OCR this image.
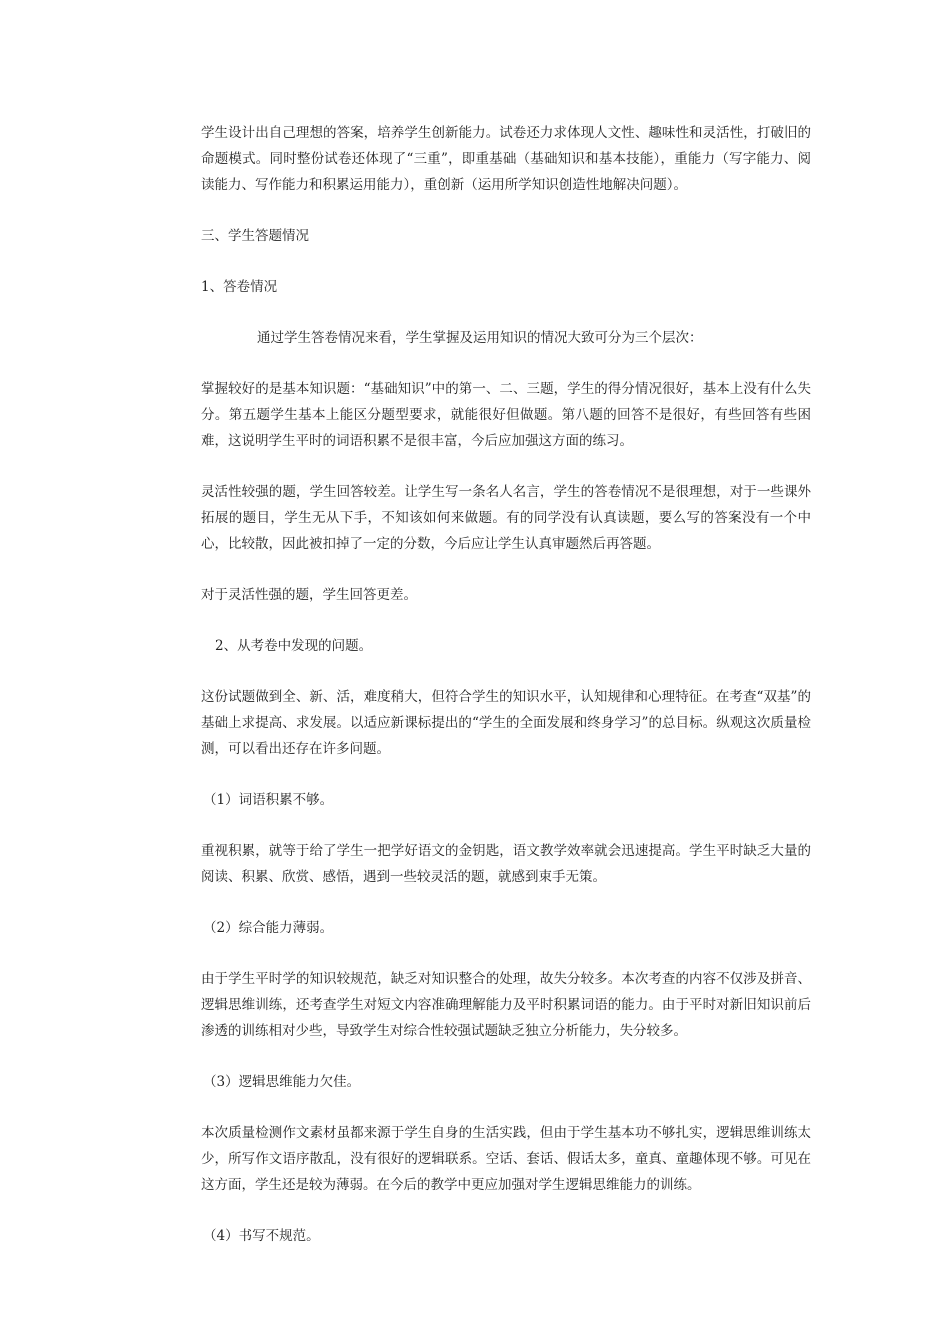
学生设计出自己理想的答案，培养学生创新能力。试卷还力求体现人文性、趣味性和灵活性，打破旧的命题模式。同时整份试卷还体现了“三重”，即重基础（基础知识和基本技能），重能力（写字能力、阅读能力、写作能力和积累运用能力），重创新（运用所学知识创造性地解决问题）。

三、学生答题情况

1、答卷情况

通过学生答卷情况来看，学生掌握及运用知识的情况大致可分为三个层次：

掌握较好的是基本知识题：“基础知识”中的第一、二、三题，学生的得分情况很好，基本上没有什么失分。第五题学生基本上能区分题型要求，就能很好但做题。第八题的回答不是很好，有些回答有些困难，这说明学生平时的词语积累不是很丰富，今后应加强这方面的练习。

灵活性较强的题，学生回答较差。让学生写一条名人名言，学生的答卷情况不是很理想，对于一些课外拓展的题目，学生无从下手，不知该如何来做题。有的同学没有认真读题，要么写的答案没有一个中心，比较散，因此被扣掉了一定的分数，今后应让学生认真审题然后再答题。

对于灵活性强的题，学生回答更差。

2、从考卷中发现的问题。

这份试题做到全、新、活，难度稍大，但符合学生的知识水平，认知规律和心理特征。在考查“双基”的基础上求提高、求发展。以适应新课标提出的“学生的全面发展和终身学习”的总目标。纵观这次质量检测，可以看出还存在许多问题。

（1）词语积累不够。

重视积累，就等于给了学生一把学好语文的金钥匙，语文教学效率就会迅速提高。学生平时缺乏大量的阅读、积累、欣赏、感悟，遇到一些较灵活的题，就感到束手无策。

（2）综合能力薄弱。

由于学生平时学的知识较规范，缺乏对知识整合的处理，故失分较多。本次考查的内容不仅涉及拼音、逻辑思维训练，还考查学生对短文内容准确理解能力及平时积累词语的能力。由于平时对新旧知识前后渗透的训练相对少些，导致学生对综合性较强试题缺乏独立分析能力，失分较多。

（3）逻辑思维能力欠佳。

本次质量检测作文素材虽都来源于学生自身的生活实践，但由于学生基本功不够扎实，逻辑思维训练太少，所写作文语序散乱，没有很好的逻辑联系。空话、套话、假话太多，童真、童趣体现不够。可见在这方面，学生还是较为薄弱。在今后的教学中更应加强对学生逻辑思维能力的训练。

（4）书写不规范。
